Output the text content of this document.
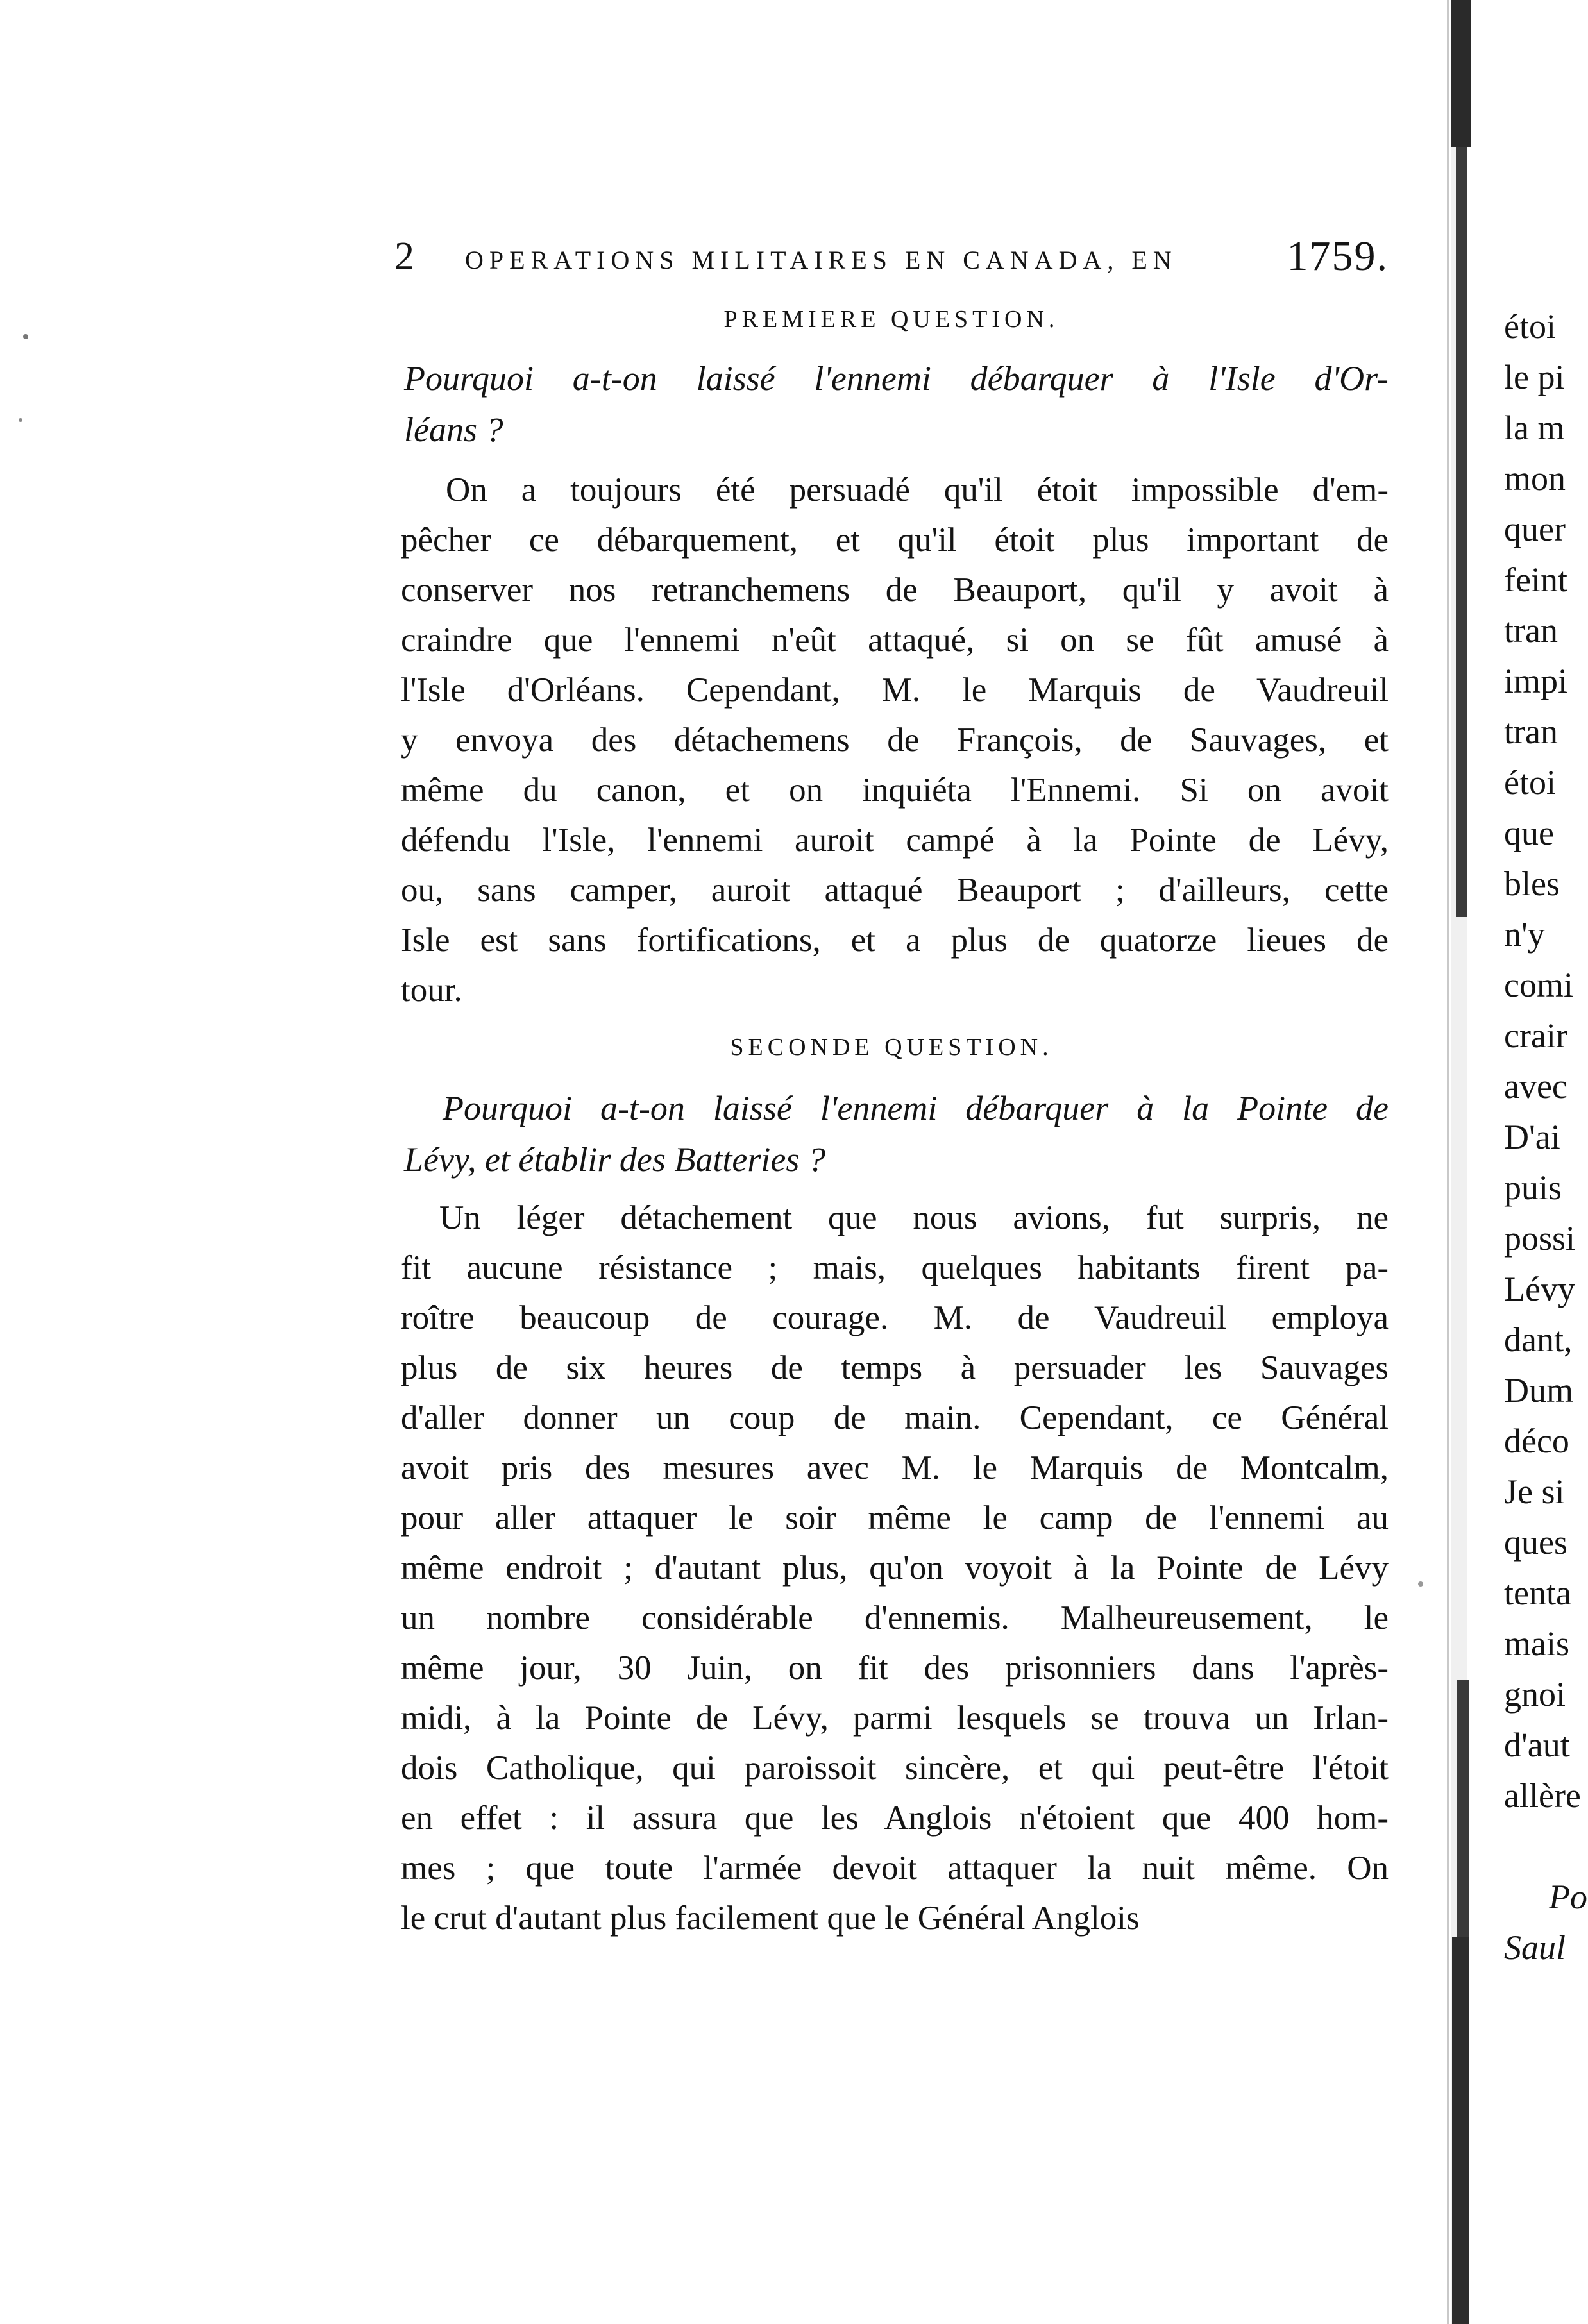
2 OPERATIONS MILITAIRES EN CANADA, EN	1759.
PREMIERE QUESTION.
Pourquoi a-t-on laissé l'ennemi débarquer à l'Isle d'Or-
léans ?
On a toujours été persuadé qu'il étoit impossible d'em-
pêcher ce débarquement, et qu'il étoit plus important de
conserver nos retranchemens de Beauport, qu'il y avoit à
craindre que l'ennemi n'eût attaqué, si on se fût amusé à
l'Isle d'Orléans. Cependant, M. le Marquis de Vaudreuil
y envoya des détachemens de François, de Sauvages, et
même du canon, et on inquiéta l'Ennemi. Si on avoit
défendu l'Isle, l'ennemi auroit campé à la Pointe de Lévy,
ou, sans camper, auroit attaqué Beauport ; d'ailleurs, cette
Isle est sans fortifications, et a plus de quatorze lieues de
tour.
SECONDE QUESTION.
Pourquoi a-t-on laissé l'ennemi débarquer à la Pointe de
Lévy, et établir des Batteries ?
Un léger détachement que nous avions, fut surpris, ne
fit aucune résistance ; mais, quelques habitants firent pa-
roître beaucoup de courage. M. de Vaudreuil employa
plus de six heures de temps à persuader les Sauvages
d'aller donner un coup de main. Cependant, ce Général
avoit pris des mesures avec M. le Marquis de Montcalm,
pour aller attaquer le soir même le camp de l'ennemi au
même endroit ; d'autant plus, qu'on voyoit à la Pointe de Lévy
un nombre considérable d'ennemis. Malheureusement, le
même jour, 30 Juin, on fit des prisonniers dans l'après-
midi, à la Pointe de Lévy, parmi lesquels se trouva un Irlan-
dois Catholique, qui paroissoit sincère, et qui peut-être l'étoit
en effet : il assura que les Anglois n'étoient que 400 hom-
mes ; que toute l'armée devoit attaquer la nuit même. On
le crut d'autant plus facilement que le Général Anglois
étoi
le pi
la m
mon
quer
feint
tran
impi
tran
étoi
que
bles
n'y
comi
crair
avec
D'ai
puis
possi
Lévy
dant,
Dum
déco
Je si
ques
tenta
mais
gnoi
d'aut
allère

Po
Saul
